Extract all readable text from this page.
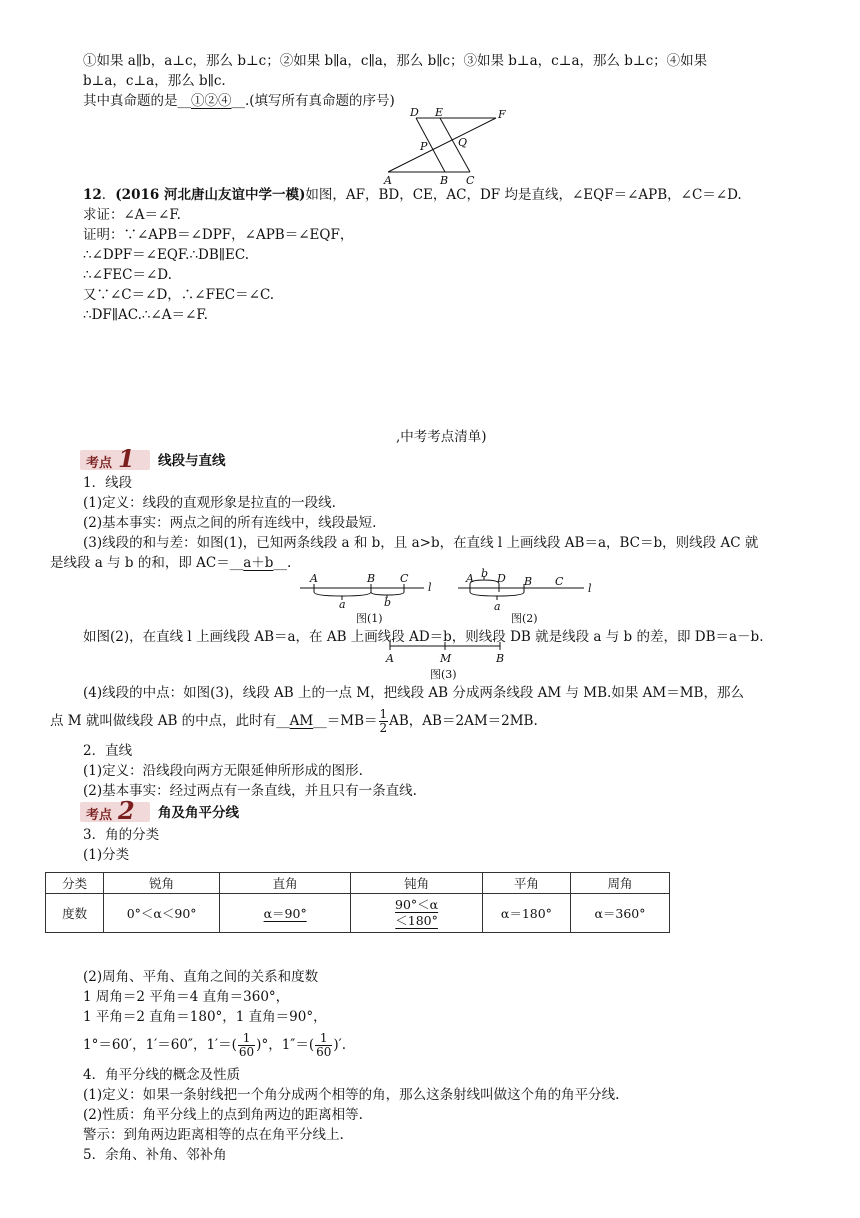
①如果 a∥b，a⊥c，那么 b⊥c；②如果 b∥a，c∥a，那么 b∥c；③如果 b⊥a，c⊥a，那么 b⊥c；④如果
b⊥a，c⊥a，那么 b∥c.
其中真命题的是__①②④__.(填写所有真命题的序号)
D E	F
P	Q
A	B C
12．(2016 河北唐山友谊中学一模)如图，AF，BD，CE，AC，DF 均是直线，∠EQF＝∠APB，∠C＝∠D.
求证：∠A＝∠F.
证明：∵∠APB＝∠DPF，∠APB＝∠EQF，
∴∠DPF＝∠EQF.∴DB∥EC.
∴∠FEC＝∠D.
又∵∠C＝∠D，∴∠FEC＝∠C.
∴DF∥AC.∴∠A＝∠F.
,中考考点清单)
考点 1 线段与直线
1．线段
(1)定义：线段的直观形象是拉直的一段线.
(2)基本事实：两点之间的所有连线中，线段最短.
(3)线段的和与差：如图(1)，已知两条线段 a 和 b，且 a>b，在直线 l 上画线段 AB＝a，BC＝b，则线段 AC 就
是线段 a 与 b 的和，即 AC＝__a＋b__.
A	B C
l
a	b
图(1)
A b D B C
l
a
图(2)
如图(2)，在直线 l 上画线段 AB＝a，在 AB 上画线段 AD＝b，则线段 DB 就是线段 a 与 b 的差，即 DB＝a－b.
A	M	B
图(3)
(4)线段的中点：如图(3)，线段 AB 上的一点 M，把线段 AB 分成两条线段 AM 与 MB.如果 AM＝MB，那么
点 M 就叫做线段 AB 的中点，此时有__AM__＝MB＝ $\frac{1}{2}$ AB，AB＝2AM＝2MB.
2．直线
(1)定义：沿线段向两方无限延伸所形成的图形.
(2)基本事实：经过两点有一条直线，并且只有一条直线.
考点 2 角及角平分线
3．角的分类
(1)分类
分类	锐角	直角	钝角	平角	周角
度数	0°＜α＜90°	α＝90°	90°＜α
＜180°	α＝180°	α＝360°
(2)周角、平角、直角之间的关系和度数
1 周角＝2 平角＝4 直角＝360°，
1 平角＝2 直角＝180°，1 直角＝90°，
1°＝60′，1′＝60″，$1'=( \frac{1}{60}$ )°，$1''=( \frac{1}{60}$ )′.
4．角平分线的概念及性质
(1)定义：如果一条射线把一个角分成两个相等的角，那么这条射线叫做这个角的角平分线.
(2)性质：角平分线上的点到角两边的距离相等.
警示：到角两边距离相等的点在角平分线上.
5．余角、补角、邻补角
